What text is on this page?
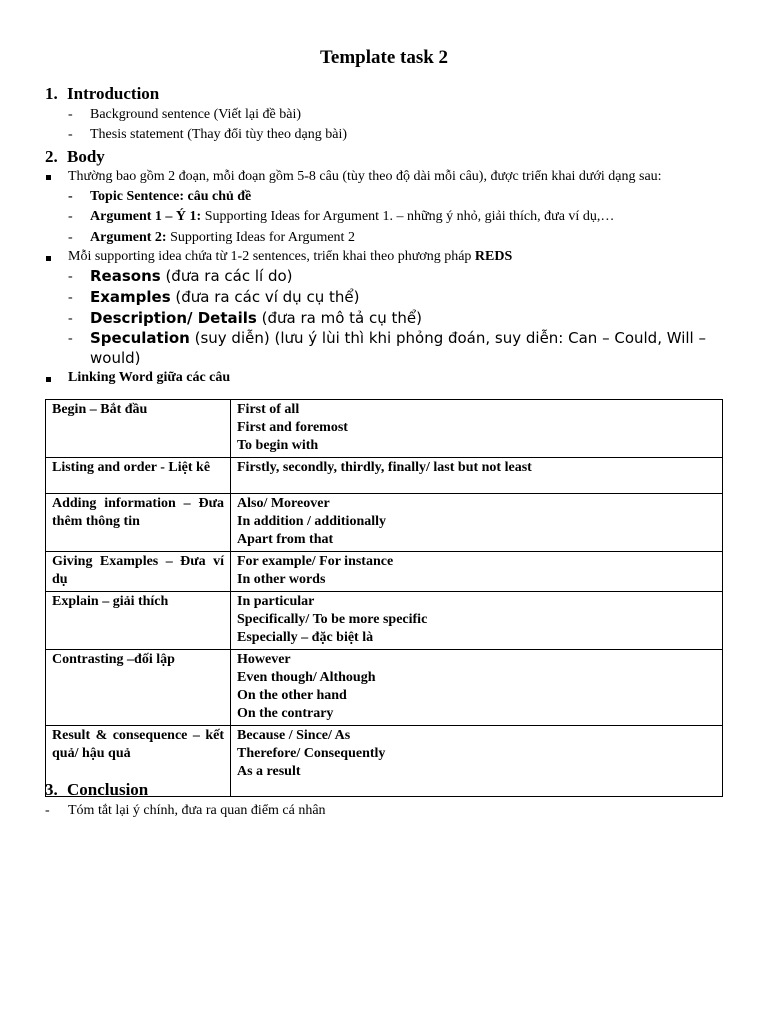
Template task 2
1. Introduction
- Background sentence (Viết lại đề bài)
- Thesis statement (Thay đổi tùy theo dạng bài)
2. Body
Thường bao gồm 2 đoạn, mỗi đoạn gồm 5-8 câu (tùy theo độ dài mỗi câu), được triển khai dưới dạng sau:
- Topic Sentence: câu chủ đề
- Argument 1 – Ý 1: Supporting Ideas for Argument 1. – những ý nhỏ, giải thích, đưa ví dụ,…
- Argument 2: Supporting Ideas for Argument 2
Mỗi supporting idea chứa từ 1-2 sentences, triển khai theo phương pháp REDS
- Reasons (đưa ra các lí do)
- Examples (đưa ra các ví dụ cụ thể)
- Description/ Details (đưa ra mô tả cụ thể)
- Speculation (suy diễn) (lưu ý lùi thì khi phỏng đoán, suy diễn: Can – Could, Will –
would)
Linking Word giữa các câu
Begin – Bắt đầu	First of all
First and foremost
To begin with

Listing and order - Liệt kê	Firstly, secondly, thirdly, finally/ last but not least

Adding information – Đưa thêm thông tin	Also/ Moreover
In addition / additionally
Apart from that

Giving Examples – Đưa ví dụ	For example/ For instance
In other words

Explain – giải thích	In particular
Specifically/ To be more specific
Especially – đặc biệt là

Contrasting –đối lập	However
Even though/ Although
On the other hand
On the contrary

Result & consequence – kết quả/ hậu quả	Because / Since/ As
Therefore/ Consequently
As a result
3. Conclusion
- Tóm tắt lại ý chính, đưa ra quan điểm cá nhân
